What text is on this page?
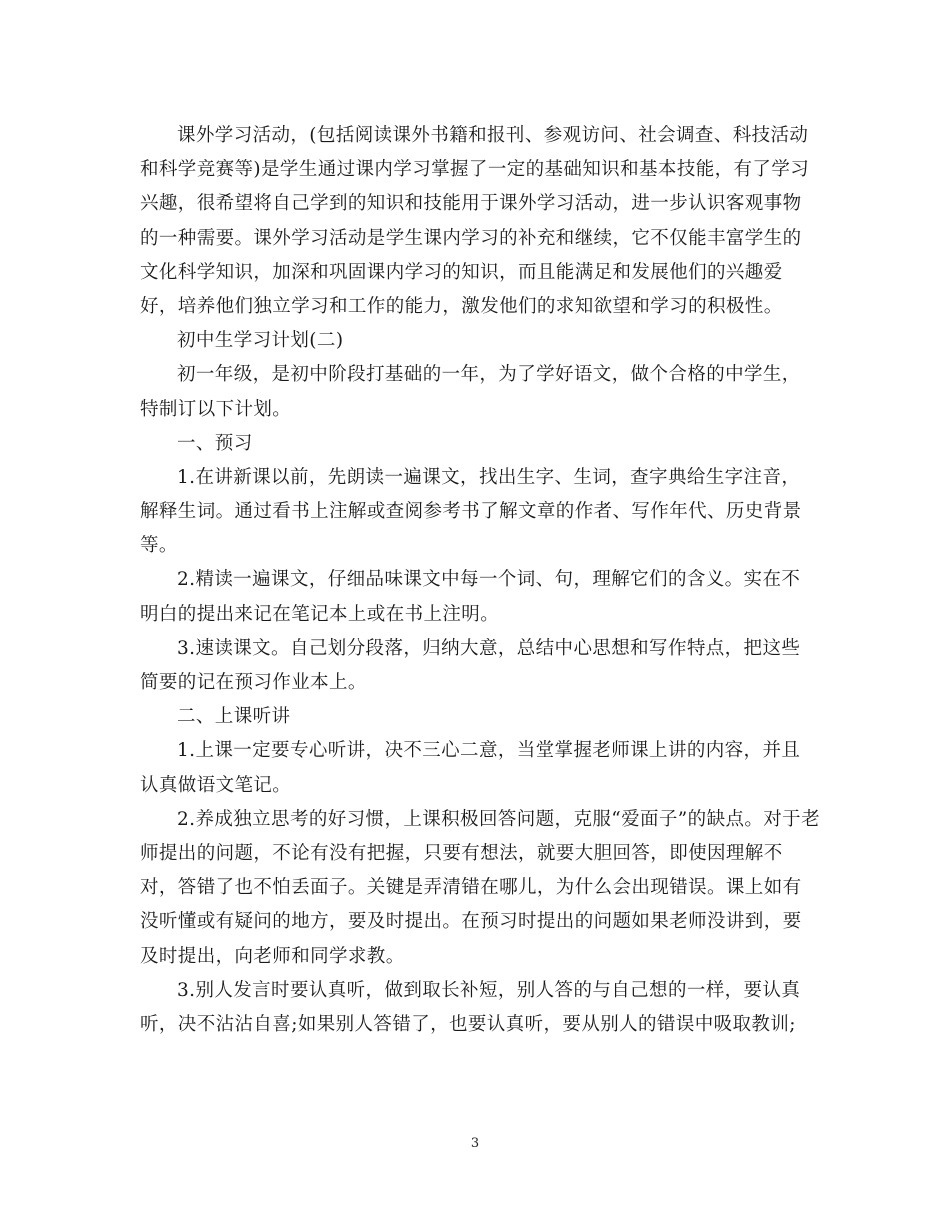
课外学习活动，(包括阅读课外书籍和报刊、参观访问、社会调查、科技活动
和科学竞赛等)是学生通过课内学习掌握了一定的基础知识和基本技能，有了学习
兴趣，很希望将自己学到的知识和技能用于课外学习活动，进一步认识客观事物
的一种需要。课外学习活动是学生课内学习的补充和继续，它不仅能丰富学生的
文化科学知识，加深和巩固课内学习的知识，而且能满足和发展他们的兴趣爱
好，培养他们独立学习和工作的能力，激发他们的求知欲望和学习的积极性。
初中生学习计划(二)
初一年级，是初中阶段打基础的一年，为了学好语文，做个合格的中学生，
特制订以下计划。
一、预习
1.在讲新课以前，先朗读一遍课文，找出生字、生词，查字典给生字注音，
解释生词。通过看书上注解或查阅参考书了解文章的作者、写作年代、历史背景
等。
2.精读一遍课文，仔细品味课文中每一个词、句，理解它们的含义。实在不
明白的提出来记在笔记本上或在书上注明。
3.速读课文。自己划分段落，归纳大意，总结中心思想和写作特点，把这些
简要的记在预习作业本上。
二、上课听讲
1.上课一定要专心听讲，决不三心二意，当堂掌握老师课上讲的内容，并且
认真做语文笔记。
2.养成独立思考的好习惯，上课积极回答问题，克服“爱面子”的缺点。对于老
师提出的问题，不论有没有把握，只要有想法，就要大胆回答，即使因理解不
对，答错了也不怕丢面子。关键是弄清错在哪儿，为什么会出现错误。课上如有
没听懂或有疑问的地方，要及时提出。在预习时提出的问题如果老师没讲到，要
及时提出，向老师和同学求教。
3.别人发言时要认真听，做到取长补短，别人答的与自己想的一样，要认真
听，决不沾沾自喜;如果别人答错了，也要认真听，要从别人的错误中吸取教训;
3
